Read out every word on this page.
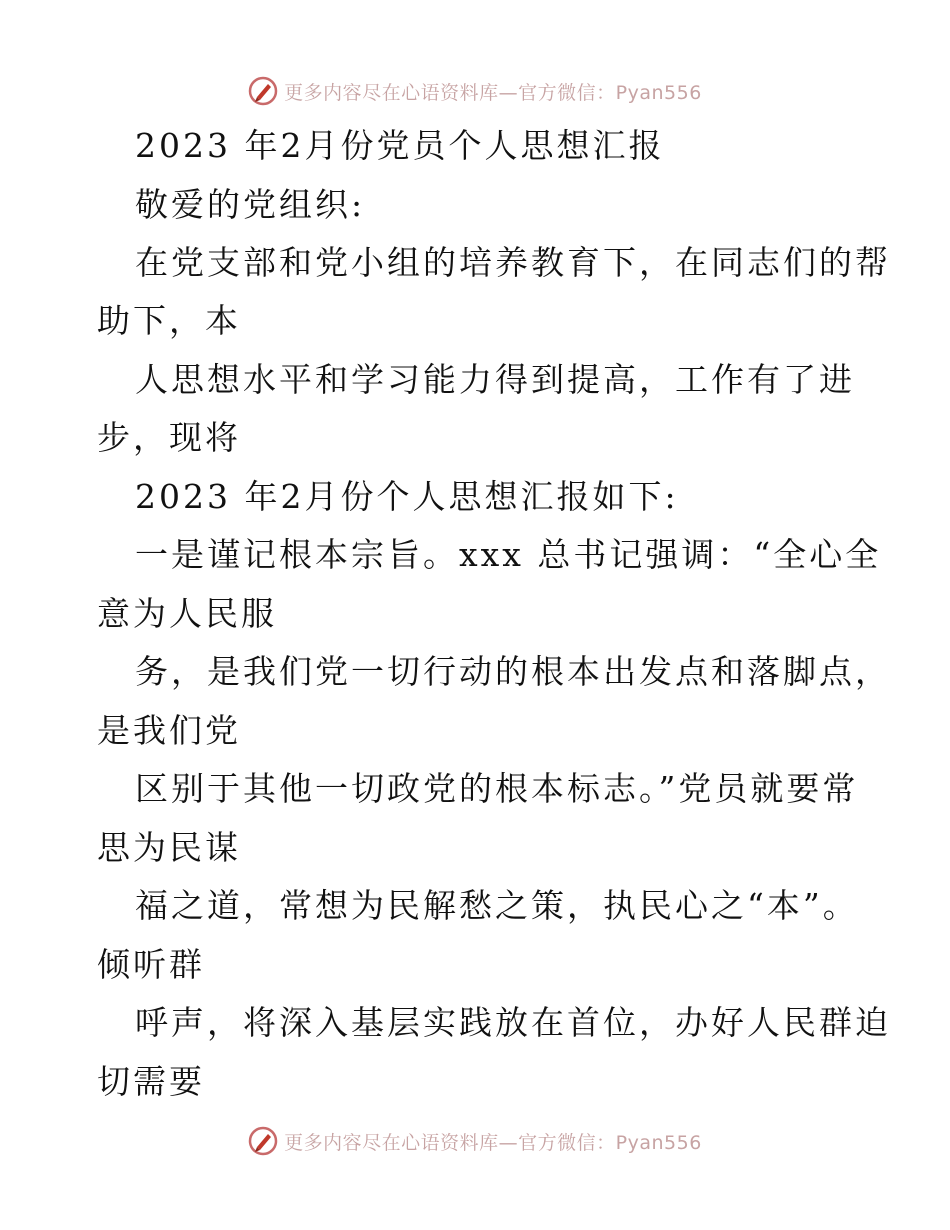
更多内容尽在心语资料库—官方微信：Pyan556
2023 年2月份党员个人思想汇报
敬爱的党组织:
在党支部和党小组的培养教育下，在同志们的帮
助下，本
人思想水平和学习能力得到提高，工作有了进
步，现将
2023 年2月份个人思想汇报如下:
一是谨记根本宗旨。xxx 总书记强调：“全心全
意为人民服
务，是我们党一切行动的根本出发点和落脚点，
是我们党
区别于其他一切政党的根本标志。”党员就要常
思为民谋
福之道，常想为民解愁之策，执民心之“本”。
倾听群
呼声，将深入基层实践放在首位，办好人民群迫
切需要
更多内容尽在心语资料库—官方微信：Pyan556
